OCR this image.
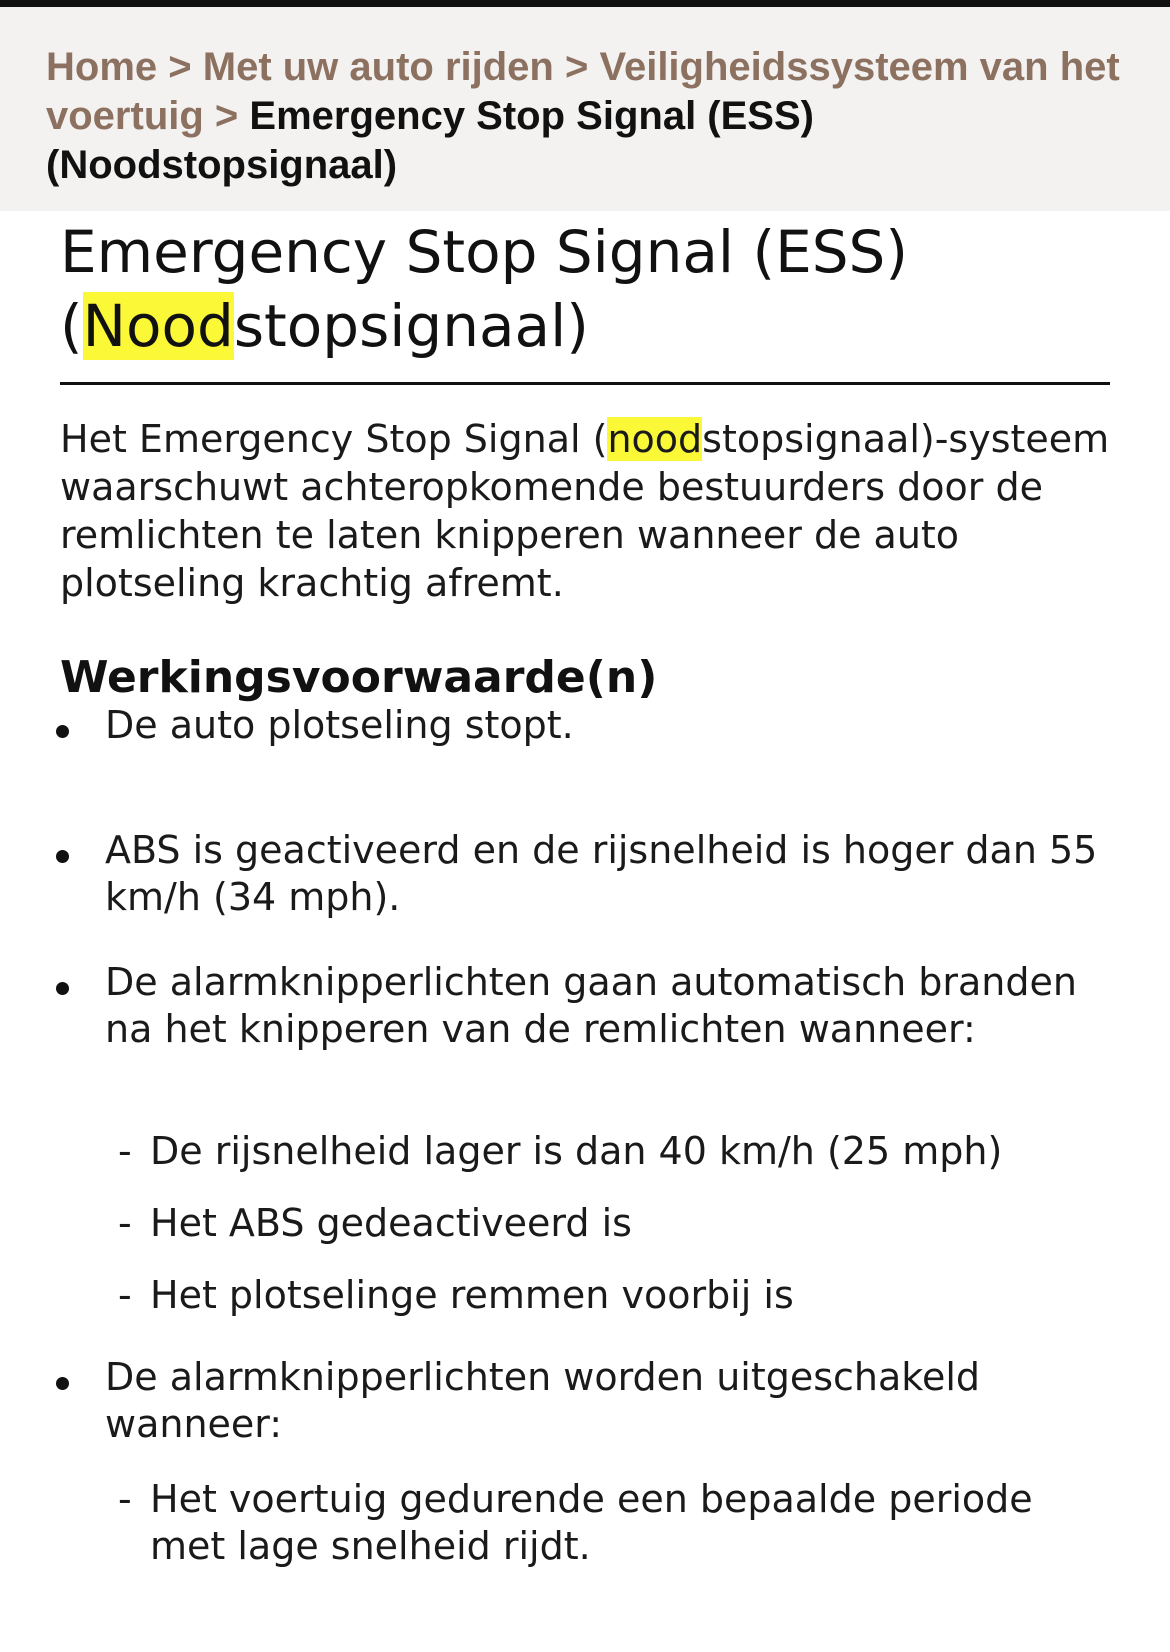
Home > Met uw auto rijden > Veiligheidssysteem van het voertuig > Emergency Stop Signal (ESS) (Noodstopsignaal)
Emergency Stop Signal (ESS)
(Noodstopsignaal)

Het Emergency Stop Signal (noodstopsignaal)-systeem waarschuwt achteropkomende bestuurders door de remlichten te laten knipperen wanneer de auto plotseling krachtig afremt.

Werkingsvoorwaarde(n)
De auto plotseling stopt.
ABS is geactiveerd en de rijsnelheid is hoger dan 55 km/h (34 mph).
De alarmknipperlichten gaan automatisch branden na het knipperen van de remlichten wanneer:
- De rijsnelheid lager is dan 40 km/h (25 mph)
- Het ABS gedeactiveerd is
- Het plotselinge remmen voorbij is
De alarmknipperlichten worden uitgeschakeld wanneer:
- Het voertuig gedurende een bepaalde periode met lage snelheid rijdt.
